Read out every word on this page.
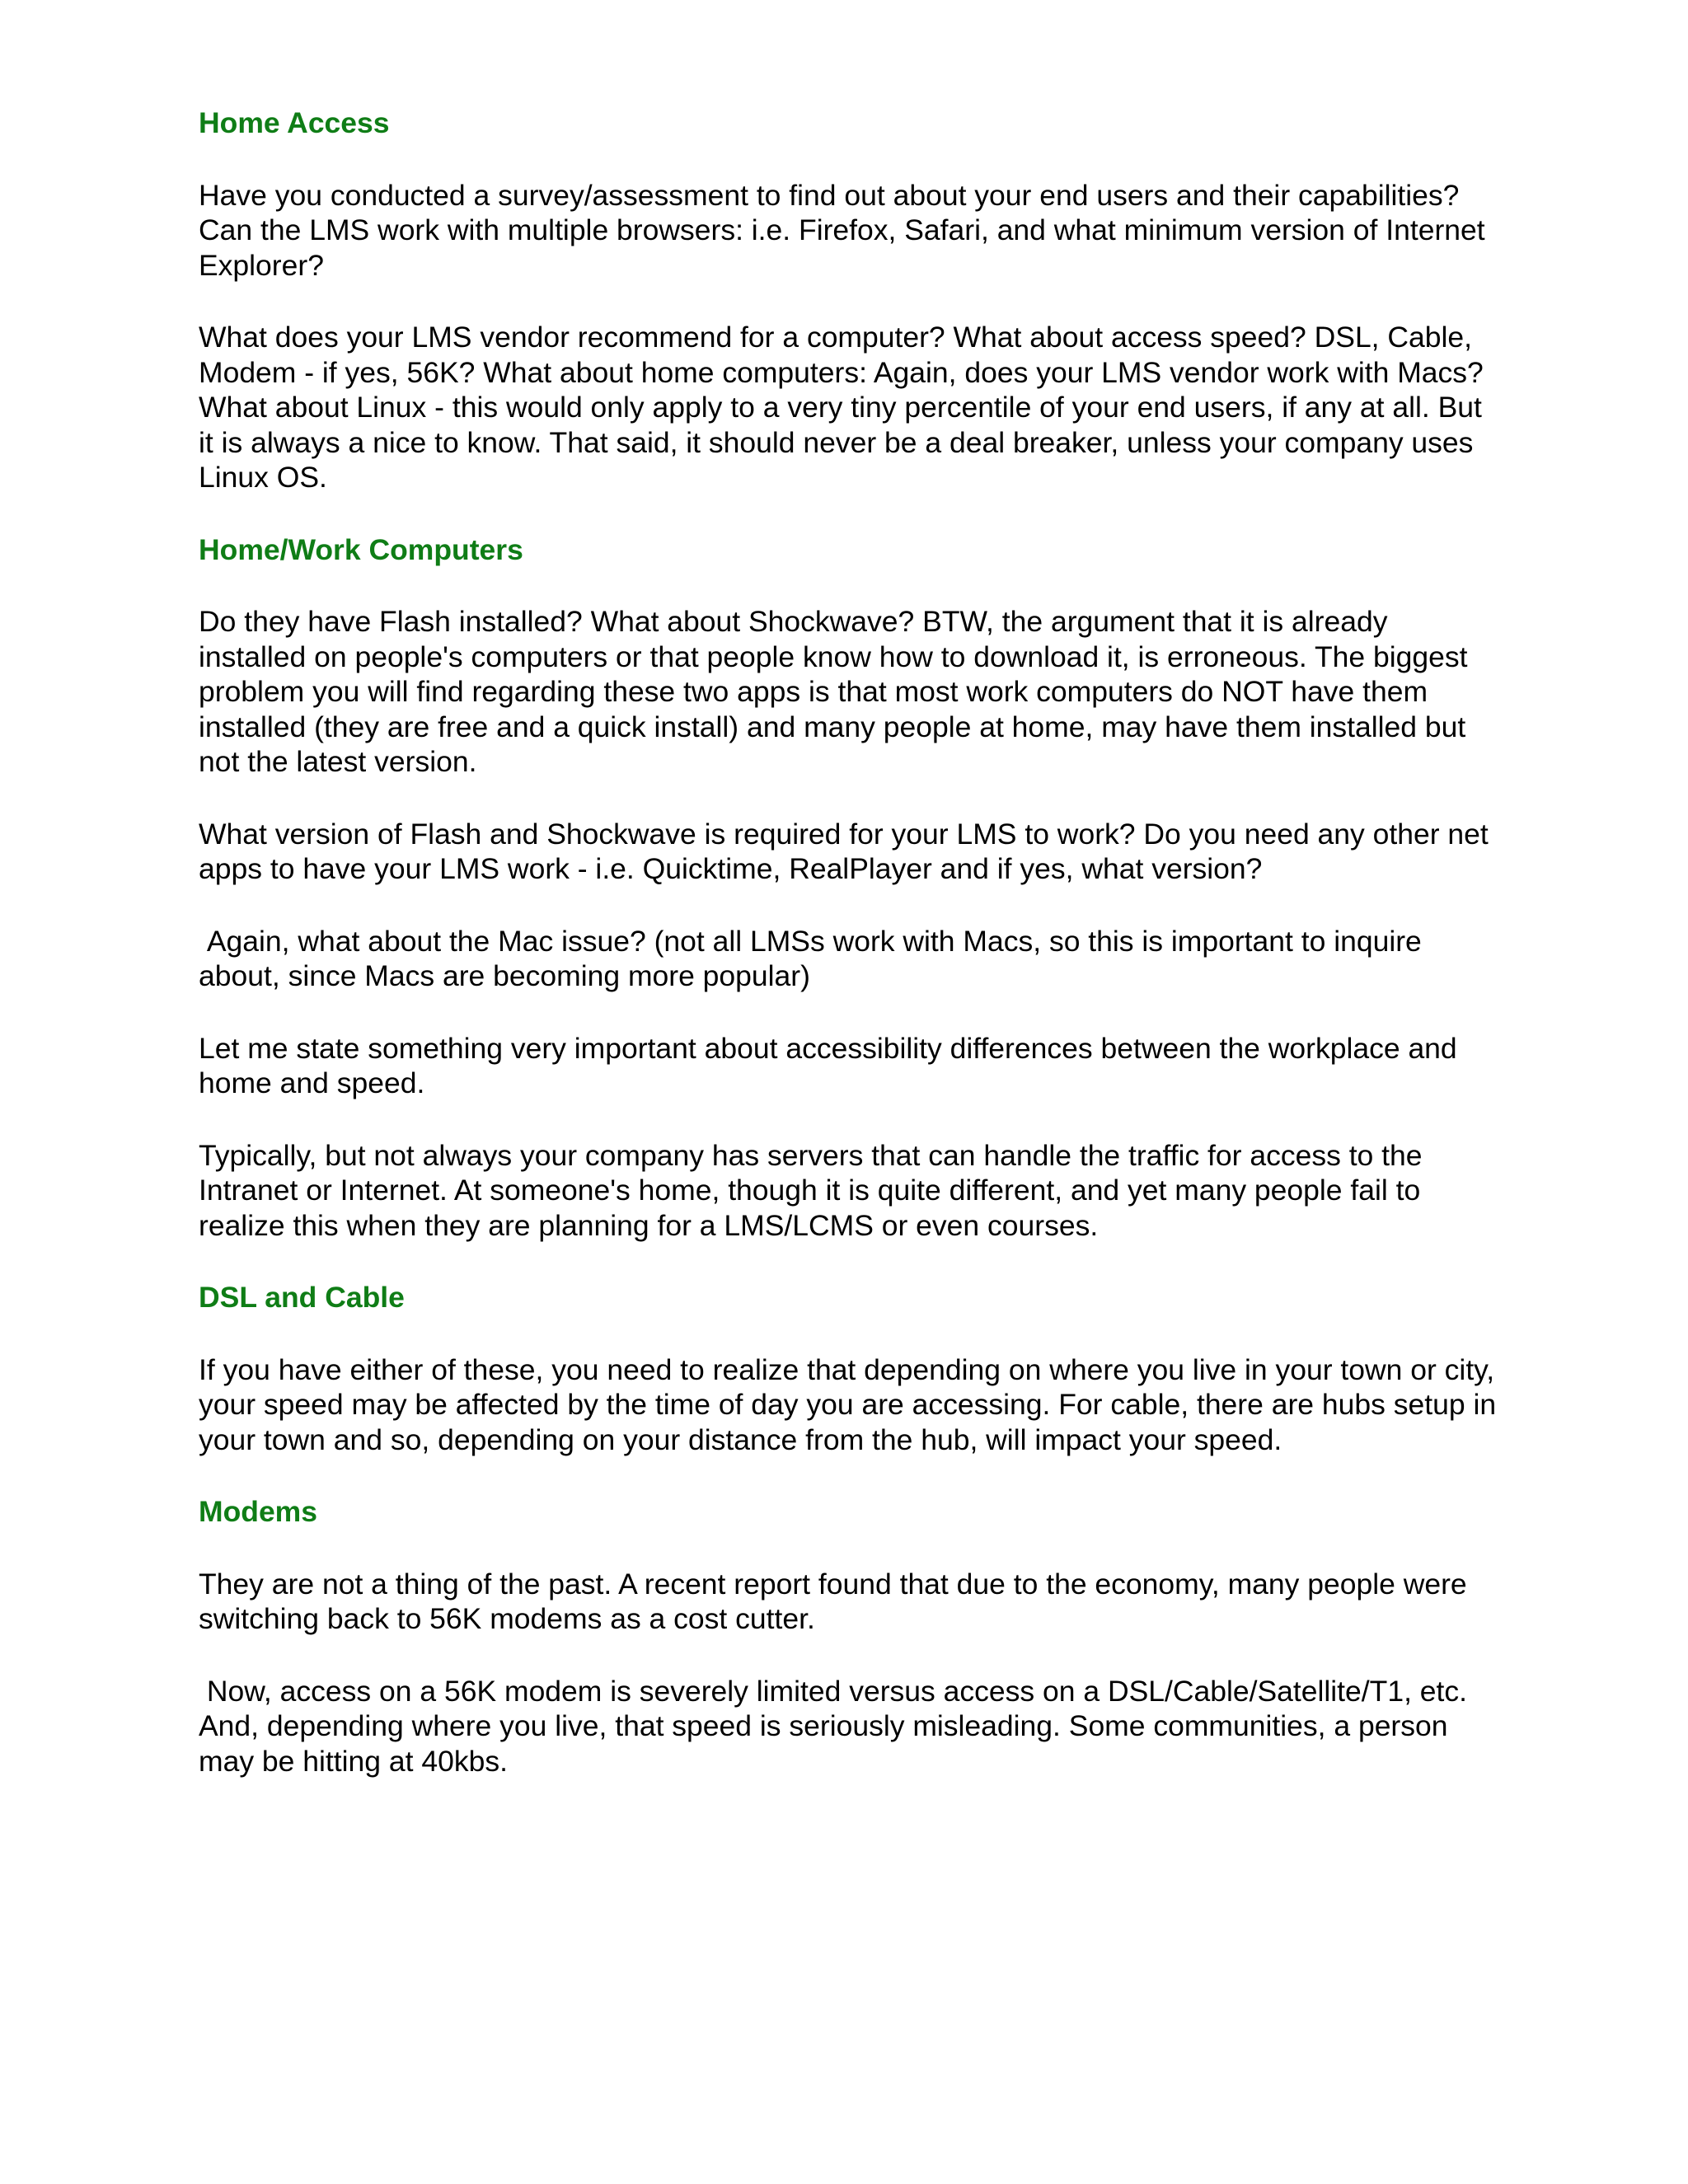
Home Access

Have you conducted a survey/assessment to find out about your end users and their capabilities? Can the LMS work with multiple browsers: i.e. Firefox, Safari, and what minimum version of Internet Explorer?

What does your LMS vendor recommend for a computer? What about access speed? DSL, Cable, Modem - if yes, 56K? What about home computers: Again, does your LMS vendor work with Macs? What about Linux - this would only apply to a very tiny percentile of your end users, if any at all. But it is always a nice to know. That said, it should never be a deal breaker, unless your company uses Linux OS.

Home/Work Computers

Do they have Flash installed? What about Shockwave? BTW, the argument that it is already installed on people's computers or that people know how to download it, is erroneous. The biggest problem you will find regarding these two apps is that most work computers do NOT have them installed (they are free and a quick install) and many people at home, may have them installed but not the latest version.

What version of Flash and Shockwave is required for your LMS to work? Do you need any other net apps to have your LMS work - i.e. Quicktime, RealPlayer and if yes, what version?

Again, what about the Mac issue? (not all LMSs work with Macs, so this is important to inquire about, since Macs are becoming more popular)

Let me state something very important about accessibility differences between the workplace and home and speed.

Typically, but not always your company has servers that can handle the traffic for access to the Intranet or Internet. At someone's home, though it is quite different, and yet many people fail to realize this when they are planning for a LMS/LCMS or even courses.

DSL and Cable

If you have either of these, you need to realize that depending on where you live in your town or city, your speed may be affected by the time of day you are accessing. For cable, there are hubs setup in your town and so, depending on your distance from the hub, will impact your speed.

Modems

They are not a thing of the past. A recent report found that due to the economy, many people were switching back to 56K modems as a cost cutter.

Now, access on a 56K modem is severely limited versus access on a DSL/Cable/Satellite/T1, etc.  And, depending where you live, that speed is seriously misleading. Some communities, a person may be hitting at 40kbs.
